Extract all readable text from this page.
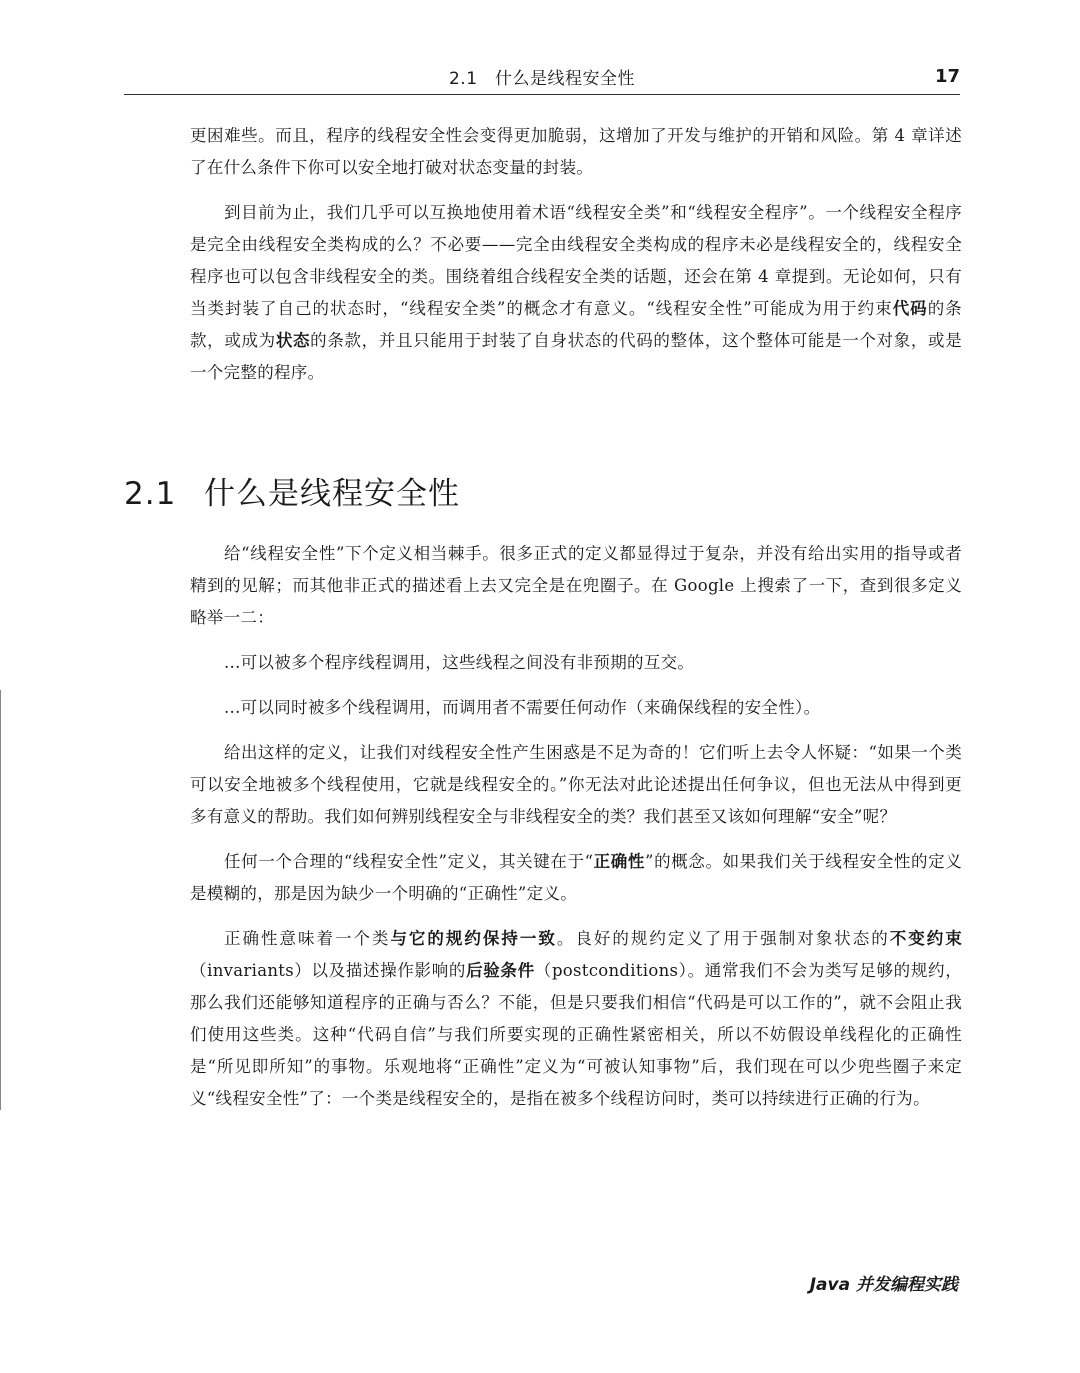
2.1　什么是线程安全性	17

更困难些。而且，程序的线程安全性会变得更加脆弱，这增加了开发与维护的开销和风险。第 4 章详述了在什么条件下你可以安全地打破对状态变量的封装。

到目前为止，我们几乎可以互换地使用着术语“线程安全类”和“线程安全程序”。一个线程安全程序是完全由线程安全类构成的么？不必要——完全由线程安全类构成的程序未必是线程安全的，线程安全程序也可以包含非线程安全的类。围绕着组合线程安全类的话题，还会在第 4 章提到。无论如何，只有当类封装了自己的状态时，“线程安全类”的概念才有意义。“线程安全性”可能成为用于约束代码的条款，或成为状态的条款，并且只能用于封装了自身状态的代码的整体，这个整体可能是一个对象，或是一个完整的程序。

2.1 什么是线程安全性

给“线程安全性”下个定义相当棘手。很多正式的定义都显得过于复杂，并没有给出实用的指导或者精到的见解；而其他非正式的描述看上去又完全是在兜圈子。在 Google 上搜索了一下，查到很多定义略举一二：

...可以被多个程序线程调用，这些线程之间没有非预期的互交。

...可以同时被多个线程调用，而调用者不需要任何动作（来确保线程的安全性）。

给出这样的定义，让我们对线程安全性产生困惑是不足为奇的！它们听上去令人怀疑：“如果一个类可以安全地被多个线程使用，它就是线程安全的。”你无法对此论述提出任何争议，但也无法从中得到更多有意义的帮助。我们如何辨别线程安全与非线程安全的类？我们甚至又该如何理解“安全”呢？

任何一个合理的“线程安全性”定义，其关键在于“正确性”的概念。如果我们关于线程安全性的定义是模糊的，那是因为缺少一个明确的“正确性”定义。

正确性意味着一个类与它的规约保持一致。良好的规约定义了用于强制对象状态的不变约束（invariants）以及描述操作影响的后验条件（postconditions）。通常我们不会为类写足够的规约，那么我们还能够知道程序的正确与否么？不能，但是只要我们相信“代码是可以工作的”，就不会阻止我们使用这些类。这种“代码自信”与我们所要实现的正确性紧密相关，所以不妨假设单线程化的正确性是“所见即所知”的事物。乐观地将“正确性”定义为“可被认知事物”后，我们现在可以少兜些圈子来定义“线程安全性”了：一个类是线程安全的，是指在被多个线程访问时，类可以持续进行正确的行为。

Java 并发编程实践
